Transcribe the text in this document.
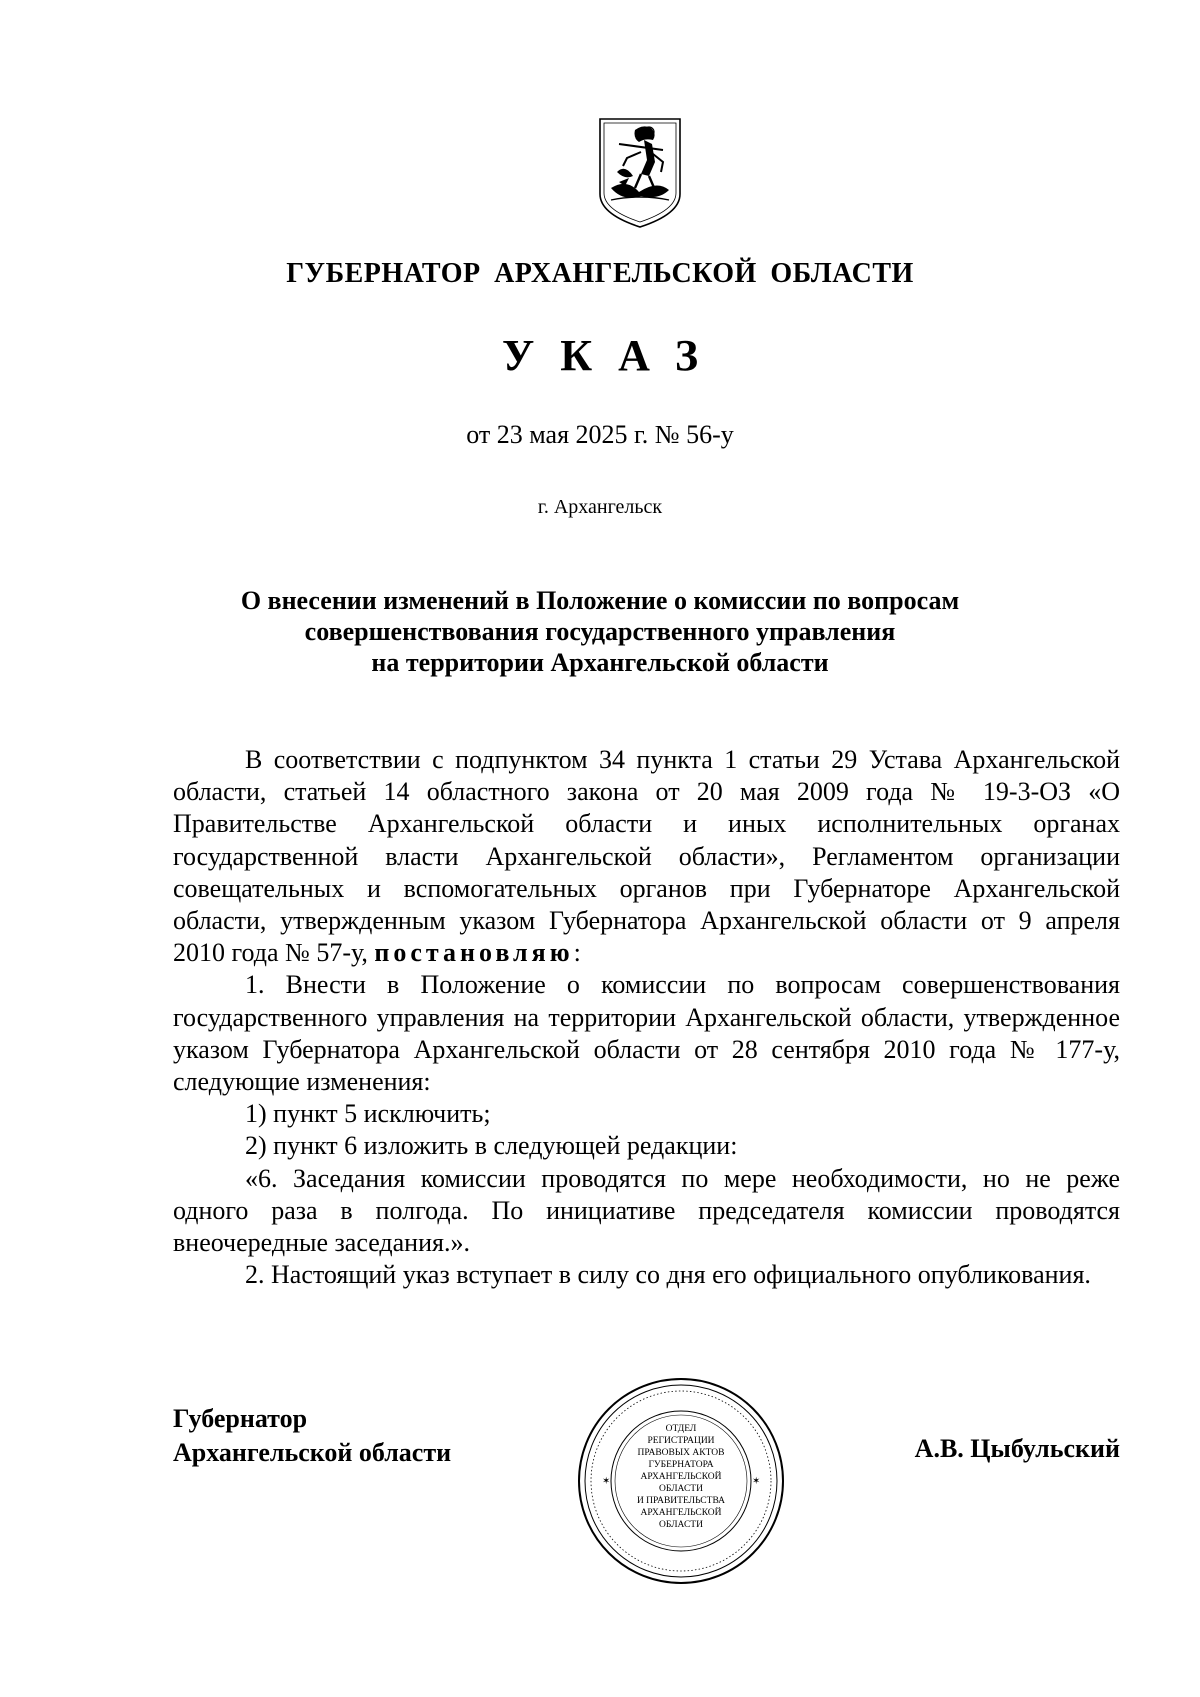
ГУБЕРНАТОР АРХАНГЕЛЬСКОЙ ОБЛАСТИ
УКАЗ
от 23 мая 2025 г. № 56-у
г. Архангельск
О внесении изменений в Положение о комиссии по вопросам
совершенствования государственного управления
на территории Архангельской области

В соответствии с подпунктом 34 пункта 1 статьи 29 Устава Архангельской области, статьей 14 областного закона от 20 мая 2009 года № 19-3-ОЗ «О Правительстве Архангельской области и иных исполнительных органах государственной власти Архангельской области», Регламентом организации совещательных и вспомогательных органов при Губернаторе Архангельской области, утвержденным указом Губернатора Архангельской области от 9 апреля 2010 года № 57-у, постановляю:

1. Внести в Положение о комиссии по вопросам совершенствования государственного управления на территории Архангельской области, утвержденное указом Губернатора Архангельской области от 28 сентября 2010 года № 177-у, следующие изменения:

1) пункт 5 исключить;

2) пункт 6 изложить в следующей редакции:

«6. Заседания комиссии проводятся по мере необходимости, но не реже одного раза в полгода. По инициативе председателя комиссии проводятся внеочередные заседания.».

2. Настоящий указ вступает в силу со дня его официального опубликования.

Губернатор
Архангельской области
ОТДЕЛ
РЕГИСТРАЦИИ
ПРАВОВЫХ АКТОВ
ГУБЕРНАТОРА
АРХАНГЕЛЬСКОЙ
ОБЛАСТИ
И ПРАВИТЕЛЬСТВА
АРХАНГЕЛЬСКОЙ
ОБЛАСТИ
✶	✶
А.В. Цыбульский
